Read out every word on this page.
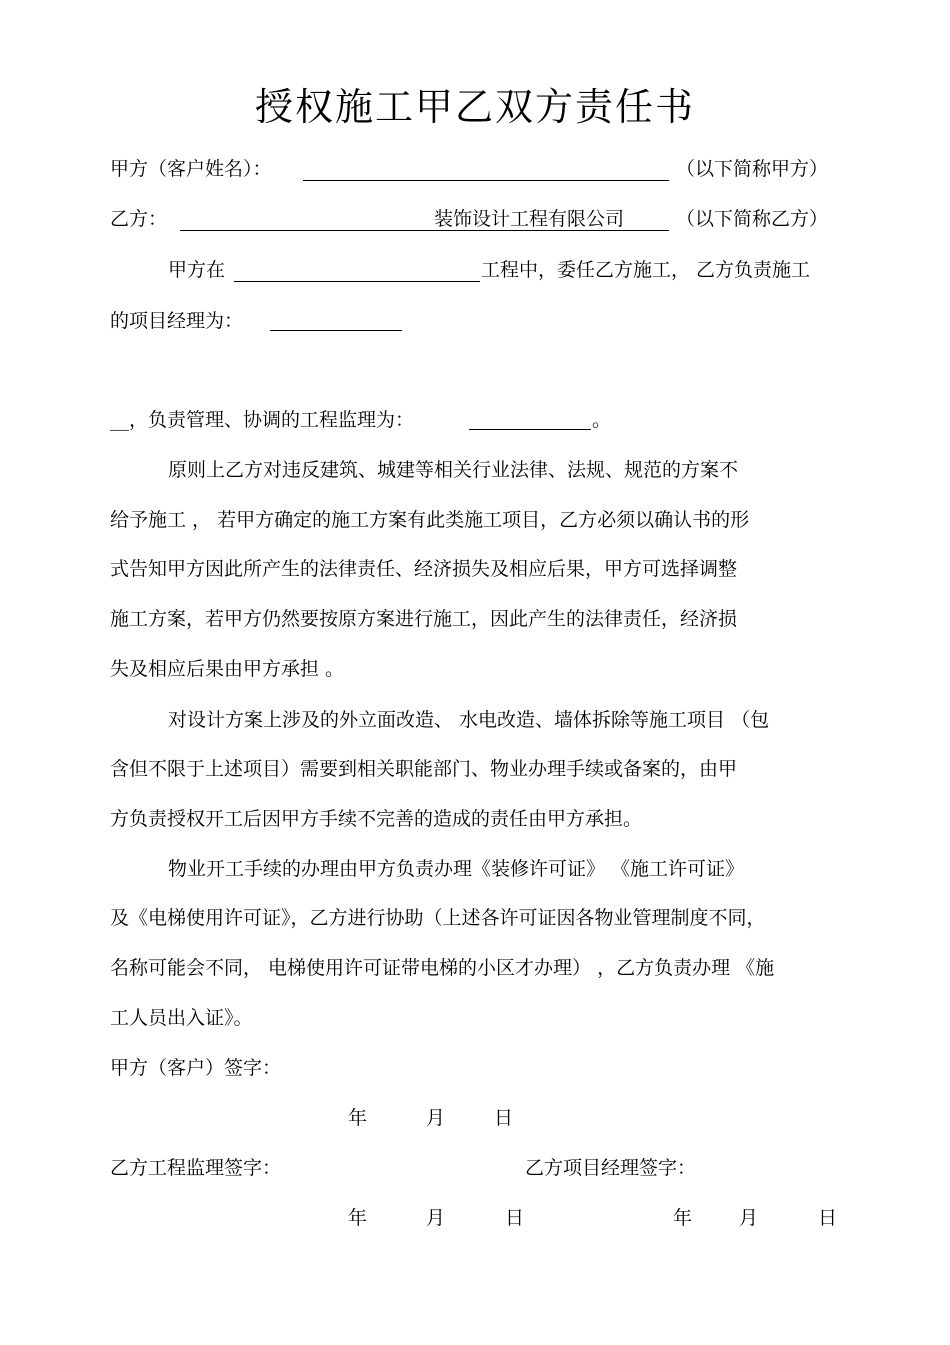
授权施工甲乙双方责任书
甲方（客户姓名）：	（以下简称甲方）
乙方：	装饰设计工程有限公司	（以下简称乙方）
甲方在	工程中，委任乙方施工， 乙方负责施工
的项目经理为：
__，负责管理、协调的工程监理为：	。
原则上乙方对违反建筑、城建等相关行业法律、法规、规范的方案不
给予施工 ， 若甲方确定的施工方案有此类施工项目，乙方必须以确认书的形
式告知甲方因此所产生的法律责任、经济损失及相应后果，甲方可选择调整
施工方案，若甲方仍然要按原方案进行施工，因此产生的法律责任，经济损
失及相应后果由甲方承担 。
对设计方案上涉及的外立面改造、 水电改造、墙体拆除等施工项目 （包
含但不限于上述项目）需要到相关职能部门、物业办理手续或备案的，由甲
方负责授权开工后因甲方手续不完善的造成的责任由甲方承担。
物业开工手续的办理由甲方负责办理《装修许可证》 《施工许可证》
及《电梯使用许可证》，乙方进行协助（上述各许可证因各物业管理制度不同，
名称可能会不同， 电梯使用许可证带电梯的小区才办理） ，乙方负责办理 《施
工人员出入证》。
甲方（客户）签字：
年	月	日
乙方工程监理签字：	乙方项目经理签字：
年	月	日	年 月	日
